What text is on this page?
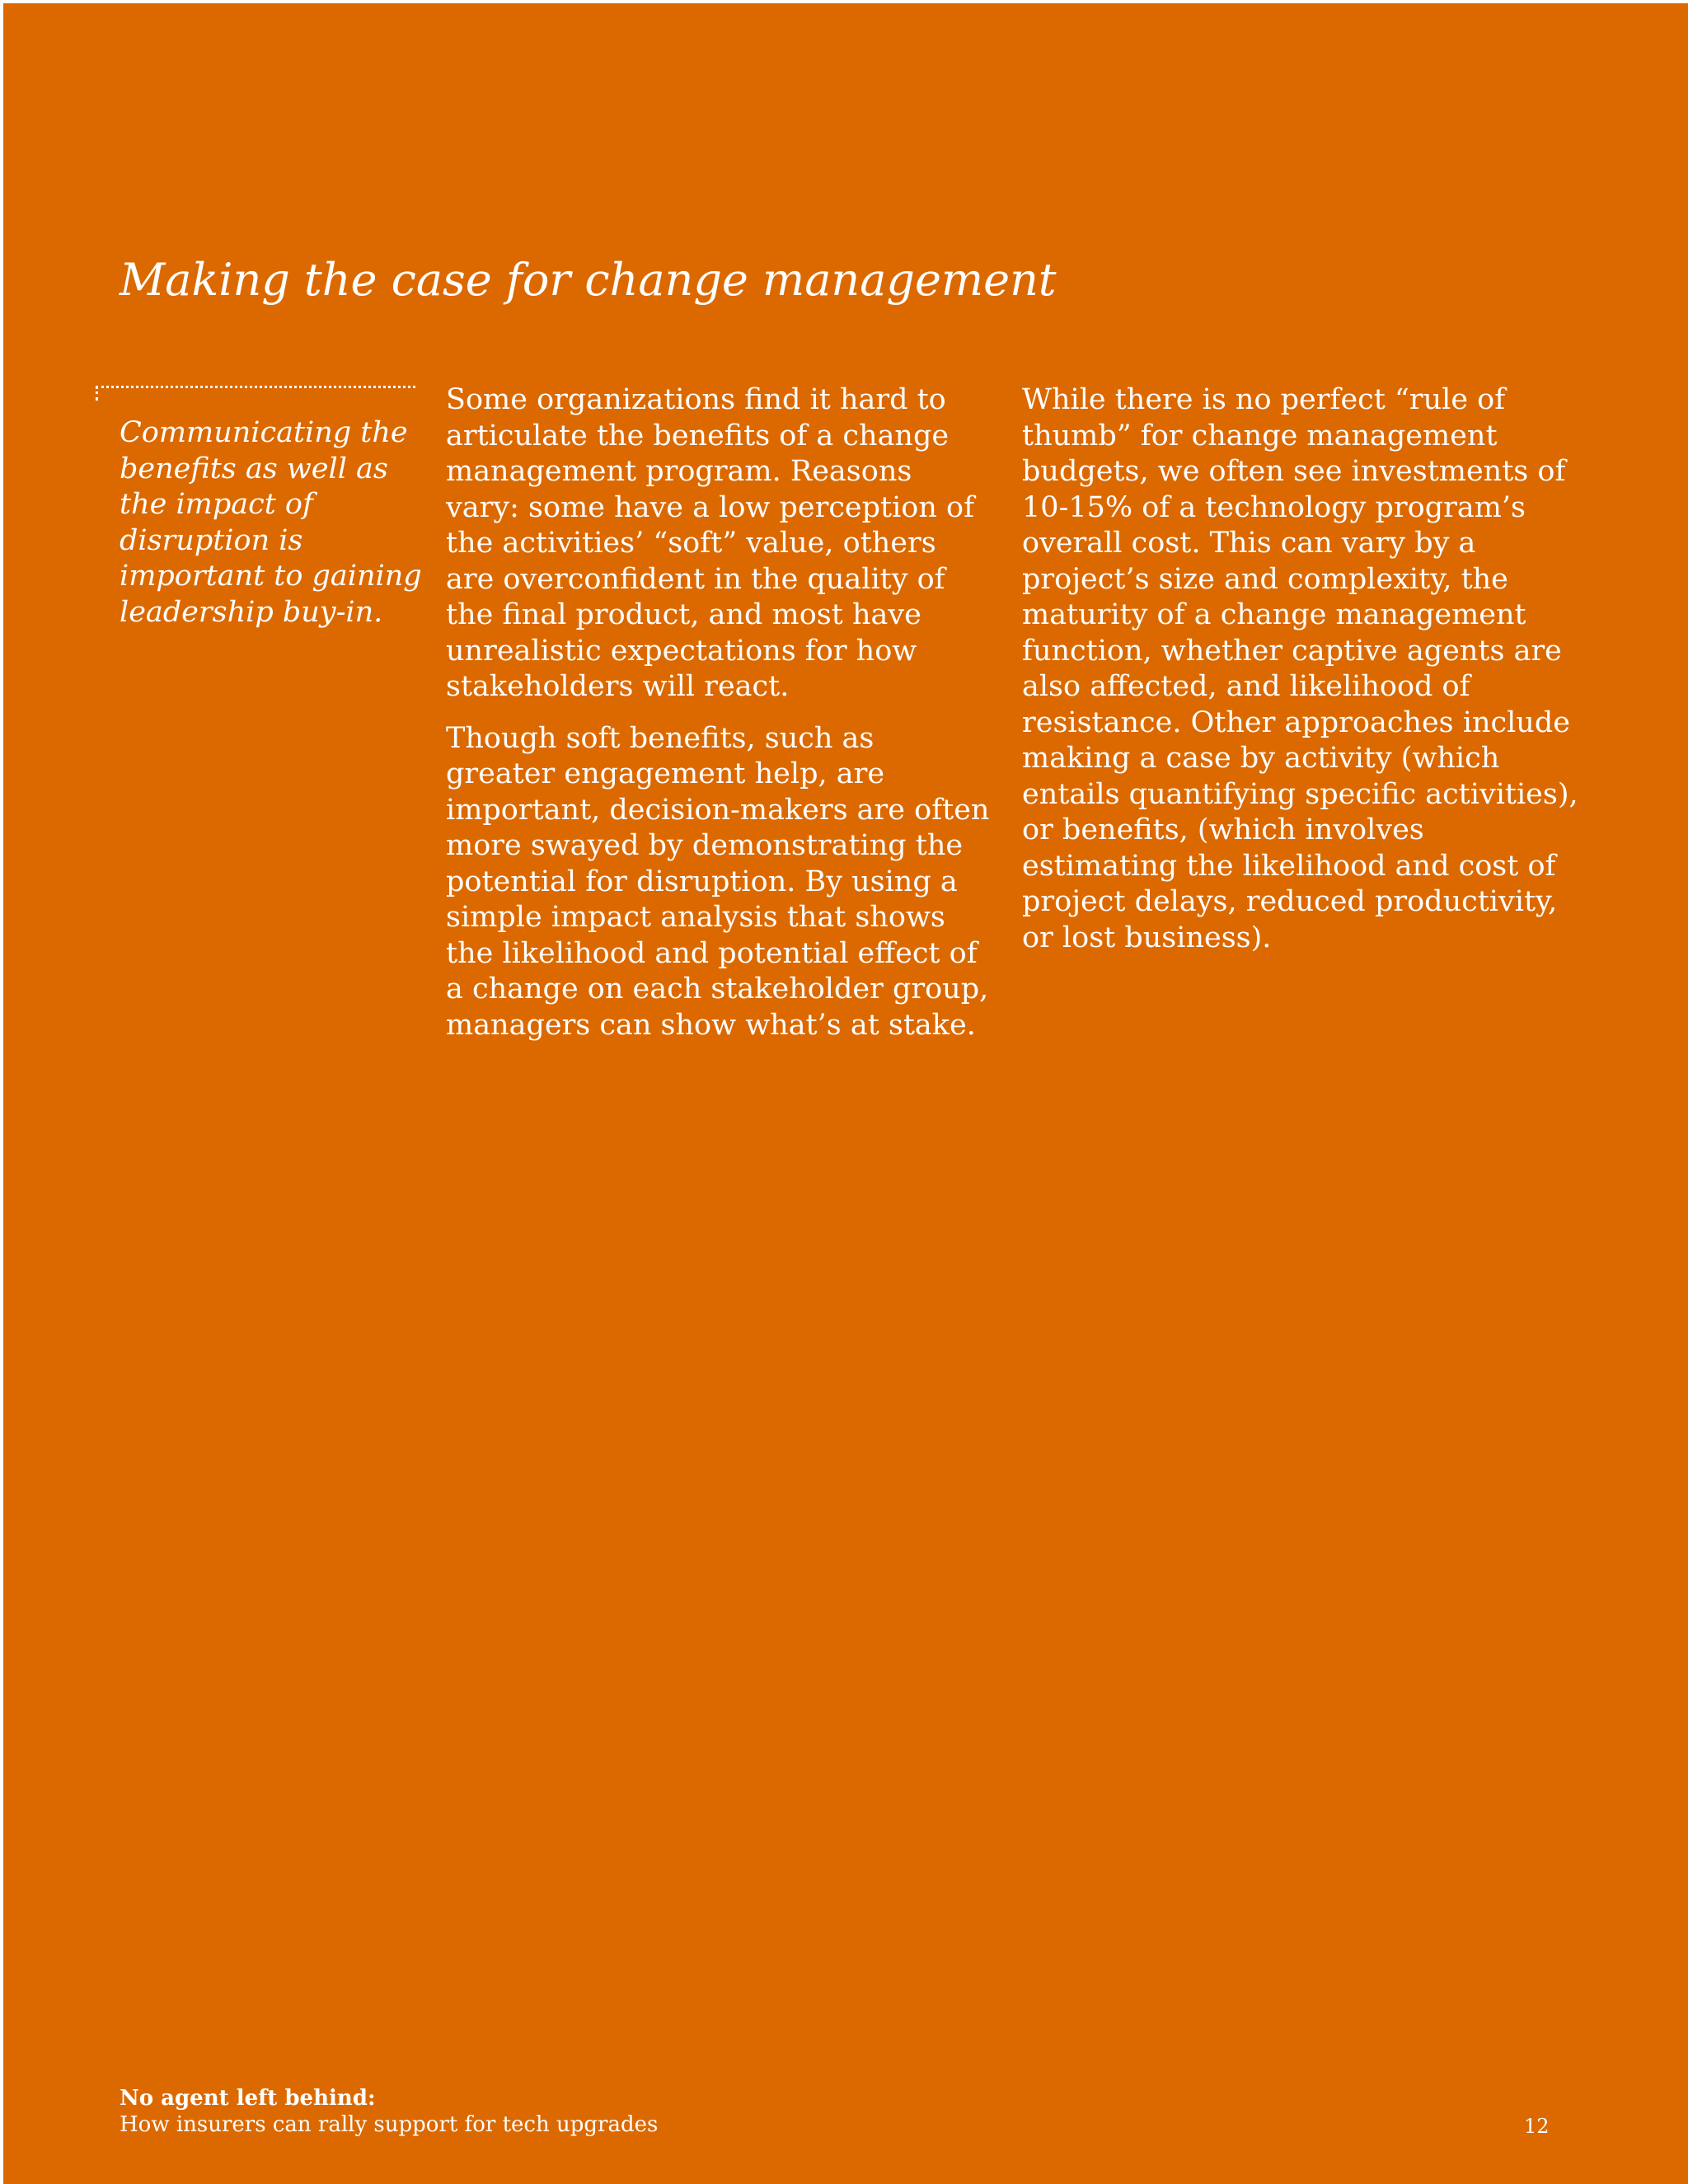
Making the case for change management

Communicating the benefits as well as the impact of disruption is important to gaining leadership buy-in.

Some organizations find it hard to articulate the benefits of a change management program. Reasons vary: some have a low perception of the activities’ “soft” value, others are overconfident in the quality of the final product, and most have unrealistic expectations for how stakeholders will react.

Though soft benefits, such as greater engagement help, are important, decision-makers are often more swayed by demonstrating the potential for disruption. By using a simple impact analysis that shows the likelihood and potential effect of a change on each stakeholder group, managers can show what’s at stake.

While there is no perfect “rule of thumb” for change management budgets, we often see investments of 10-15% of a technology program’s overall cost. This can vary by a project’s size and complexity, the maturity of a change management function, whether captive agents are also affected, and likelihood of resistance. Other approaches include making a case by activity (which entails quantifying specific activities), or benefits, (which involves estimating the likelihood and cost of project delays, reduced productivity, or lost business).

No agent left behind:
How insurers can rally support for tech upgrades	12
